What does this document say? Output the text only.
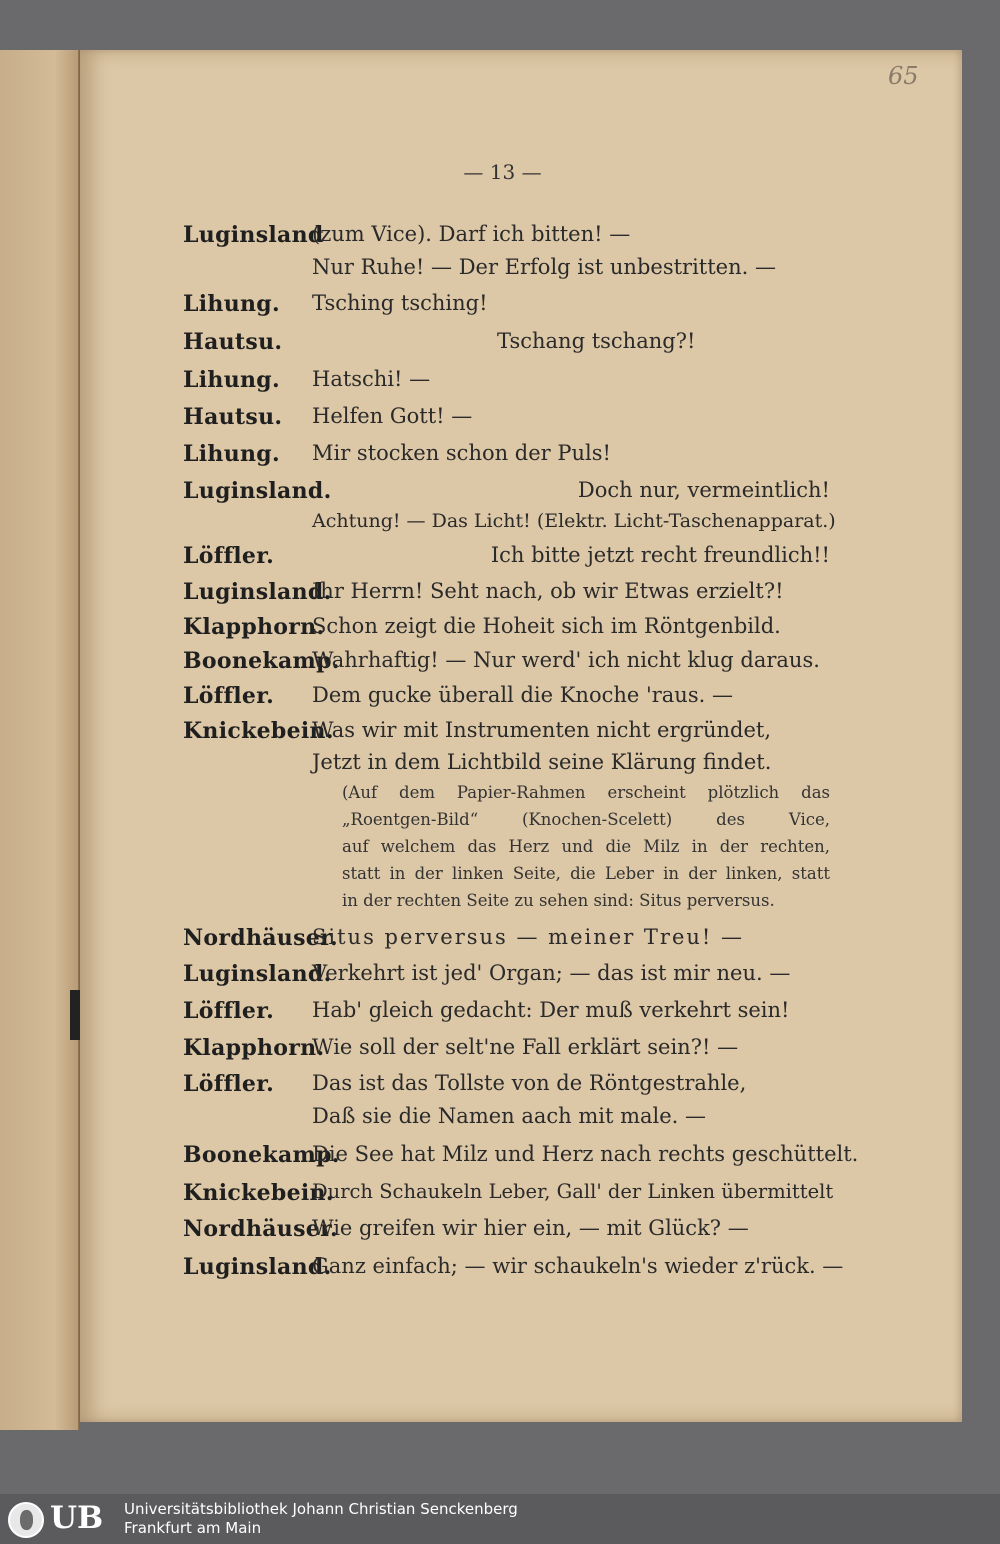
65
— 13 —
Luginsland
(zum Vice). Darf ich bitten! —
Nur Ruhe! — Der Erfolg ist unbestritten. —
Lihung. Tsching tsching!
Hautsu.	Tschang tschang?!
Lihung. Hatschi! —
Hautsu. Helfen Gott! —
Lihung. Mir stocken schon der Puls!
Luginsland.	Doch nur, vermeintlich!
Achtung! — Das Licht! (Elektr. Licht-Taschenapparat.)
Löffler.	Ich bitte jetzt recht freundlich!!
Luginsland.
Ihr Herrn! Seht nach, ob wir Etwas erzielt?!
Klapphorn.
Schon zeigt die Hoheit sich im Röntgenbild.
Boonekamp.
Wahrhaftig! — Nur werd' ich nicht klug daraus.
Löffler. Dem gucke überall die Knoche 'raus. —
Knickebein.
Was wir mit Instrumenten nicht ergründet,
Jetzt in dem Lichtbild seine Klärung findet.
(Auf dem Papier-Rahmen erscheint plötzlich das
„Roentgen-Bild“ (Knochen-Scelett) des Vice,
auf welchem das Herz und die Milz in der rechten,
statt in der linken Seite, die Leber in der linken, statt
in der rechten Seite zu sehen sind: Situs perversus.
Nordhäuser.
Situs perversus — meiner Treu! —
Luginsland.
Verkehrt ist jed' Organ; — das ist mir neu. —
Löffler. Hab' gleich gedacht: Der muß verkehrt sein!
Klapphorn.
Wie soll der selt'ne Fall erklärt sein?! —
Löffler. Das ist das Tollste von de Röntgestrahle,
Daß sie die Namen aach mit male. —
Boonekamp.
Die See hat Milz und Herz nach rechts geschüttelt.
Knickebein.
Durch Schaukeln Leber, Gall' der Linken übermittelt
Nordhäuser.
Wie greifen wir hier ein, — mit Glück? —
Luginsland.
Ganz einfach; — wir schaukeln's wieder z'rück. —
UB Universitätsbibliothek Johann Christian Senckenberg
Frankfurt am Main
